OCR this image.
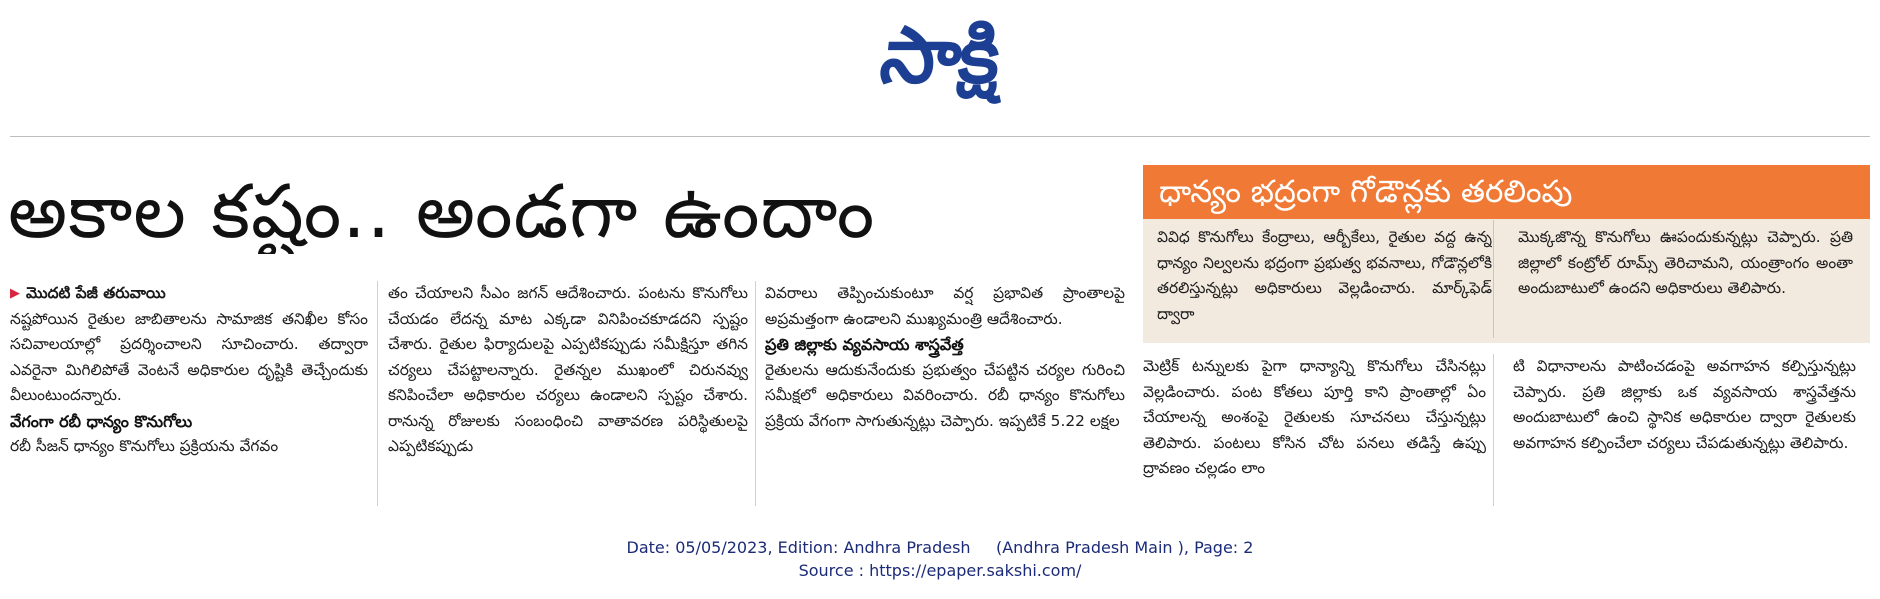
సాక్షి
అకాల కష్టం.. అండగా ఉందాం
▶ మొదటి పేజీ తరువాయి
నష్టపోయిన రైతుల జాబితాలను సామాజిక తనిఖీల కోసం సచివాలయాల్లో ప్రదర్శించాలని సూచించారు. తద్వారా ఎవరైనా మిగిలిపోతే వెంటనే అధికారుల దృష్టికి తెచ్చేందుకు వీలుంటుందన్నారు.
వేగంగా రబీ ధాన్యం కొనుగోలు
రబీ సీజన్ ధాన్యం కొనుగోలు ప్రక్రియను వేగవం
తం చేయాలని సీఎం జగన్ ఆదేశించారు. పంటను కొనుగోలు చేయడం లేదన్న మాట ఎక్కడా వినిపించకూడదని స్పష్టం చేశారు. రైతుల ఫిర్యాదులపై ఎప్పటికప్పుడు సమీక్షిస్తూ తగిన చర్యలు చేపట్టాలన్నారు. రైతన్నల ముఖంలో చిరునవ్వు కనిపించేలా అధికారుల చర్యలు ఉండాలని స్పష్టం చేశారు. రానున్న రోజులకు సంబంధించి వాతావరణ పరిస్థితులపై ఎప్పటికప్పుడు
వివరాలు తెప్పించుకుంటూ వర్ష ప్రభావిత ప్రాంతాలపై అప్రమత్తంగా ఉండాలని ముఖ్యమంత్రి ఆదేశించారు.
ప్రతి జిల్లాకు వ్యవసాయ శాస్త్రవేత్త
రైతులను ఆదుకునేందుకు ప్రభుత్వం చేపట్టిన చర్యల గురించి సమీక్షలో అధికారులు వివరించారు. రబీ ధాన్యం కొనుగోలు ప్రక్రియ వేగంగా సాగుతున్నట్లు చెప్పారు. ఇప్పటికే 5.22 లక్షల
ధాన్యం భద్రంగా గోడౌన్లకు తరలింపు
వివిధ కొనుగోలు కేంద్రాలు, ఆర్బీకేలు, రైతుల వద్ద ఉన్న ధాన్యం నిల్వలను భద్రంగా ప్రభుత్వ భవనాలు, గోడౌన్లలోకి తరలిస్తున్నట్లు అధికారులు వెల్లడించారు. మార్క్‌ఫెడ్ ద్వారా
మొక్కజొన్న కొనుగోలు ఊపందుకున్నట్లు చెప్పారు. ప్రతి జిల్లాలో కంట్రోల్ రూమ్స్ తెరిచామని, యంత్రాంగం అంతా అందుబాటులో ఉందని అధికారులు తెలిపారు.
మెట్రిక్ టన్నులకు పైగా ధాన్యాన్ని కొనుగోలు చేసినట్లు వెల్లడించారు. పంట కోతలు పూర్తి కాని ప్రాంతాల్లో ఏం చేయాలన్న అంశంపై రైతులకు సూచనలు చేస్తున్నట్లు తెలిపారు. పంటలు కోసిన చోట పనలు తడిస్తే ఉప్పు ద్రావణం చల్లడం లాం
టి విధానాలను పాటించడంపై అవగాహన కల్పిస్తున్నట్లు చెప్పారు. ప్రతి జిల్లాకు ఒక వ్యవసాయ శాస్త్రవేత్తను అందుబాటులో ఉంచి స్థానిక అధికారుల ద్వారా రైతులకు అవగాహన కల్పించేలా చర్యలు చేపడుతున్నట్లు తెలిపారు.
Date: 05/05/2023, Edition: Andhra Pradesh     (Andhra Pradesh Main ), Page: 2
Source : https://epaper.sakshi.com/
